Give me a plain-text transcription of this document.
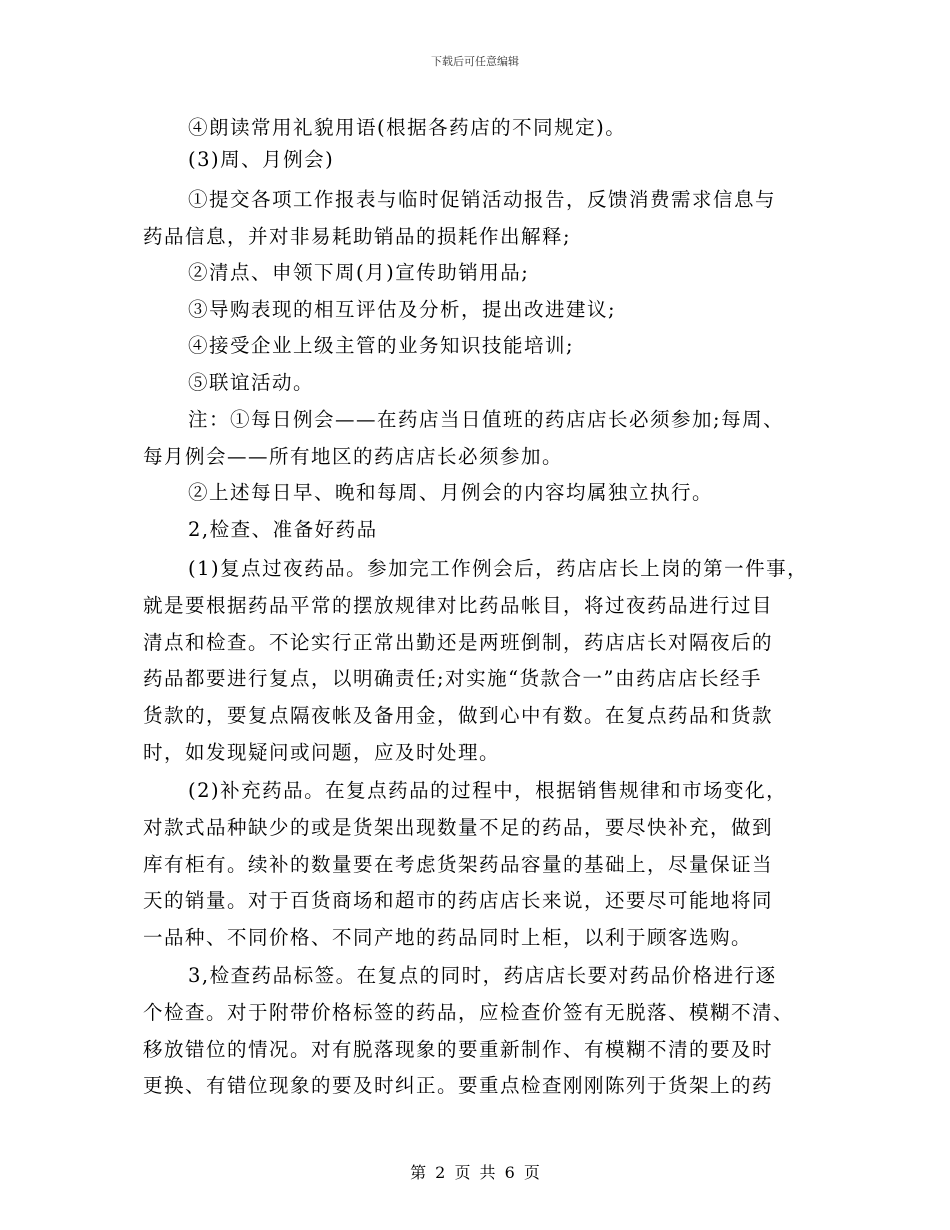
下载后可任意编辑
④朗读常用礼貌用语(根据各药店的不同规定)。
(3)周、月例会)
①提交各项工作报表与临时促销活动报告，反馈消费需求信息与
药品信息，并对非易耗助销品的损耗作出解释;
②清点、申领下周(月)宣传助销用品;
③导购表现的相互评估及分析，提出改进建议;
④接受企业上级主管的业务知识技能培训;
⑤联谊活动。
注：①每日例会——在药店当日值班的药店店长必须参加;每周、
每月例会——所有地区的药店店长必须参加。
②上述每日早、晚和每周、月例会的内容均属独立执行。
2,检查、准备好药品
(1)复点过夜药品。参加完工作例会后，药店店长上岗的第一件事，
就是要根据药品平常的摆放规律对比药品帐目，将过夜药品进行过目
清点和检查。不论实行正常出勤还是两班倒制，药店店长对隔夜后的
药品都要进行复点，以明确责任;对实施“货款合一”由药店店长经手
货款的，要复点隔夜帐及备用金，做到心中有数。在复点药品和货款
时，如发现疑问或问题，应及时处理。
(2)补充药品。在复点药品的过程中，根据销售规律和市场变化，
对款式品种缺少的或是货架出现数量不足的药品，要尽快补充，做到
库有柜有。续补的数量要在考虑货架药品容量的基础上，尽量保证当
天的销量。对于百货商场和超市的药店店长来说，还要尽可能地将同
一品种、不同价格、不同产地的药品同时上柜，以利于顾客选购。
3,检查药品标签。在复点的同时，药店店长要对药品价格进行逐
个检查。对于附带价格标签的药品，应检查价签有无脱落、模糊不清、
移放错位的情况。对有脱落现象的要重新制作、有模糊不清的要及时
更换、有错位现象的要及时纠正。要重点检查刚刚陈列于货架上的药
第 2 页 共 6 页
